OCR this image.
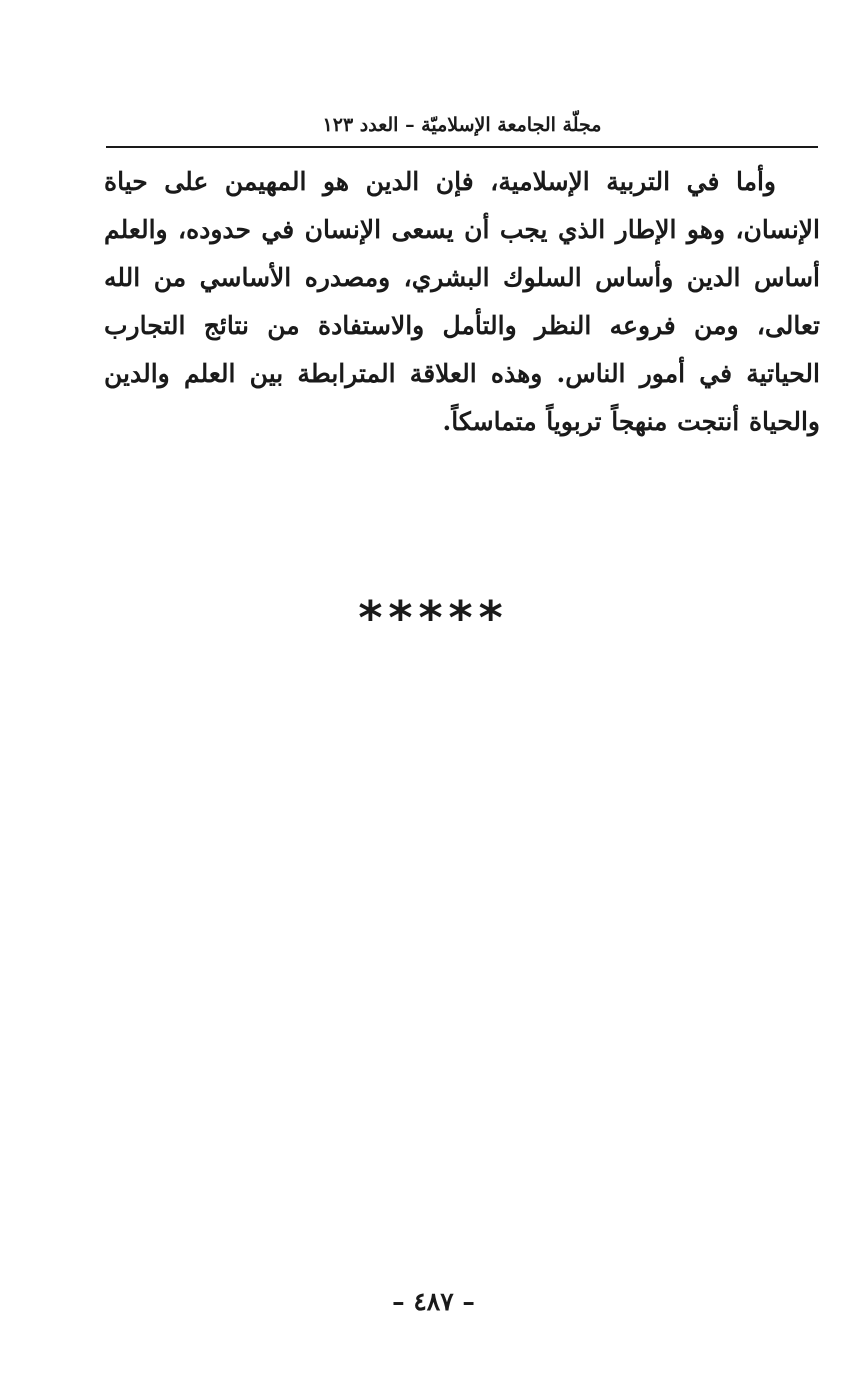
مجلّة الجامعة الإسلاميّة – العدد ١٢٣

وأما في التربية الإسلامية، فإن الدين هو المهيمن على حياة الإنسان، وهو الإطار الذي يجب أن يسعى الإنسان في حدوده، والعلم أساس الدين وأساس السلوك البشري، ومصدره الأساسي من الله تعالى، ومن فروعه النظر والتأمل والاستفادة من نتائج التجارب الحياتية في أمور الناس. وهذه العلاقة المترابطة بين العلم والدين والحياة أنتجت منهجاً تربوياً متماسكاً.

*****
– ٤٨٧ –
